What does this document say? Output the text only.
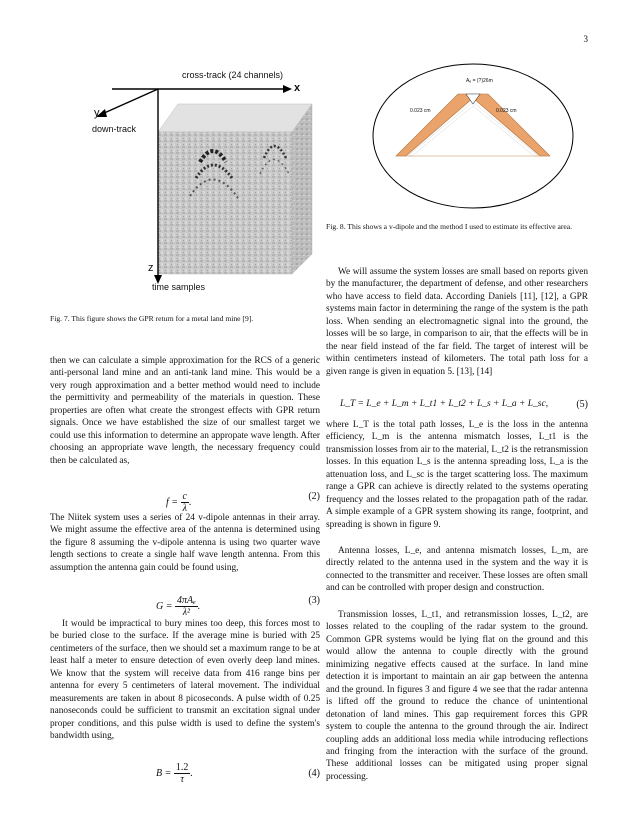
3
cross-track (24 channels)
x
y
down-track
z
time samples
Fig. 7. This figure shows the GPR return for a metal land mine [9].
Aₑ = (?)26m
0.023 cm	0.023 cm
Fig. 8. This shows a v-dipole and the method I used to estimate its effective area.

then we can calculate a simple approximation for the RCS of a generic anti-personal land mine and an anti-tank land mine. This would be a very rough approximation and a better method would need to include the permittivity and permeability of the materials in question. These properties are often what create the strongest effects with GPR return signals. Once we have established the size of our smallest target we could use this information to determine an appropate wave length. After choosing an appropriate wave length, the necessary frequency could then be calculated as,

$f = \frac{c}{\lambda}$ .
(2)

The Niitek system uses a series of 24 v-dipole antennas in their array. We might assume the effective area of the antenna is determined using the figure 8 assuming the v-dipole antenna is using two quarter wave length sections to create a single half wave length antenna. From this assumption the antenna gain could be found using,

$G = \frac{\text{4πAₑ}}{\text{λ²}}$ .
(3)

It would be impractical to bury mines too deep, this forces most to be buried close to the surface. If the average mine is buried with 25 centimeters of the surface, then we should set a maximum range to be at least half a meter to ensure detection of even overly deep land mines. We know that the system will receive data from 416 range bins per antenna for every 5 centimeters of lateral movement. The individual measurements are taken in about 8 picoseconds. A pulse width of 0.25 nanoseconds could be sufficient to transmit an excitation signal under proper conditions, and this pulse width is used to define the system's bandwidth using,

$B = \frac{1.2}{\tau}$ .	(4)

We will assume the system losses are small based on reports given by the manufacturer, the department of defense, and other researchers who have access to field data. According Daniels [11], [12], a GPR systems main factor in determining the range of the system is the path loss. When sending an electromagnetic signal into the ground, the losses will be so large, in comparison to air, that the effects will be in the near field instead of the far field. The target of interest will be within centimeters instead of kilometers. The total path loss for a given range is given in equation 5. [13], [14]

L_T = L_e + L_m + L_t1 + L_t2 + L_s + L_a + L_sc,	(5)

where L_T is the total path losses, L_e is the loss in the antenna efficiency, L_m is the antenna mismatch losses, L_t1 is the transmission losses from air to the material, L_t2 is the retransmission losses. In this equation L_s is the antenna spreading loss, L_a is the attenuation loss, and L_sc is the target scattering loss. The maximum range a GPR can achieve is directly related to the systems operating frequency and the losses related to the propagation path of the radar. A simple example of a GPR system showing its range, footprint, and spreading is shown in figure 9.

Antenna losses, L_e, and antenna mismatch losses, L_m, are directly related to the antenna used in the system and the way it is connected to the transmitter and receiver. These losses are often small and can be controlled with proper design and construction.

Transmission losses, L_t1, and retransmission losses, L_t2, are losses related to the coupling of the radar system to the ground. Common GPR systems would be lying flat on the ground and this would allow the antenna to couple directly with the ground minimizing negative effects caused at the surface. In land mine detection it is important to maintain an air gap between the antenna and the ground. In figures 3 and figure 4 we see that the radar antenna is lifted off the ground to reduce the chance of unintentional detonation of land mines. This gap requirement forces this GPR system to couple the antenna to the ground through the air. Indirect coupling adds an additional loss media while introducing reflections and fringing from the interaction with the surface of the ground. These additional losses can be mitigated using proper signal processing.
